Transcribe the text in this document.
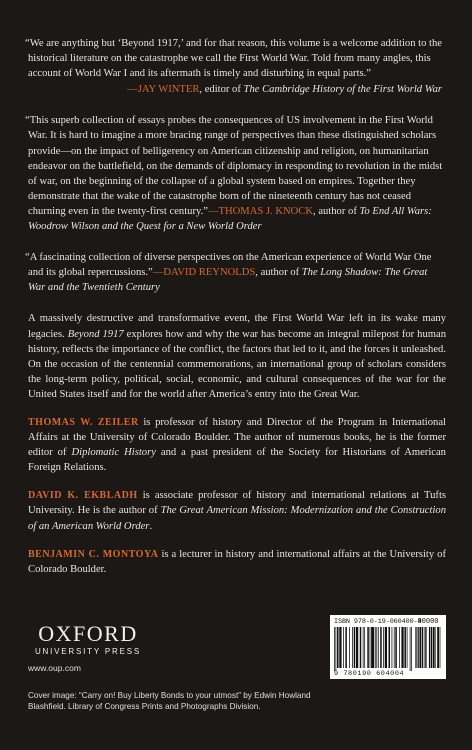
“We are anything but ‘Beyond 1917,’ and for that reason, this volume is a welcome addition to the historical literature on the catastrophe we call the First World War. Told from many angles, this account of World War I and its aftermath is timely and disturbing in equal parts.”

—JAY WINTER, editor of The Cambridge History of the First World War

“This superb collection of essays probes the consequences of US involvement in the First World War. It is hard to imagine a more bracing range of perspectives than these distinguished scholars provide—on the impact of belligerency on American citizenship and religion, on humanitarian endeavor on the battlefield, on the demands of diplomacy in responding to revolution in the midst of war, on the beginning of the collapse of a global system based on empires. Together they demonstrate that the wake of the catastrophe born of the nineteenth century has not ceased churning even in the twenty-first century.”—THOMAS J. KNOCK, author of To End All Wars: Woodrow Wilson and the Quest for a New World Order

“A fascinating collection of diverse perspectives on the American experience of World War One and its global repercussions.”—DAVID REYNOLDS, author of The Long Shadow: The Great War and the Twentieth Century

A massively destructive and transformative event, the First World War left in its wake many legacies. Beyond 1917 explores how and why the war has become an integral milepost for human history, reflects the importance of the conflict, the factors that led to it, and the forces it unleashed. On the occasion of the centennial commemorations, an international group of scholars considers the long-term policy, political, social, economic, and cultural consequences of the war for the United States itself and for the world after America’s entry into the Great War.

THOMAS W. ZEILER is professor of history and Director of the Program in International Affairs at the University of Colorado Boulder. The author of numerous books, he is the former editor of Diplomatic History and a past president of the Society for Historians of American Foreign Relations.

DAVID K. EKBLADH is associate professor of history and international relations at Tufts University. He is the author of The Great American Mission: Modernization and the Construction of an American World Order.

BENJAMIN C. MONTOYA is a lecturer in history and international affairs at the University of Colorado Boulder.

OXFORD
UNIVERSITY PRESS
www.oup.com
Cover image: “Carry on! Buy Liberty Bonds to your utmost” by Edwin Howland Blashfield. Library of Congress Prints and Photographs Division.
ISBN 978-0-19-060400-4
90000
9 780190 604004
